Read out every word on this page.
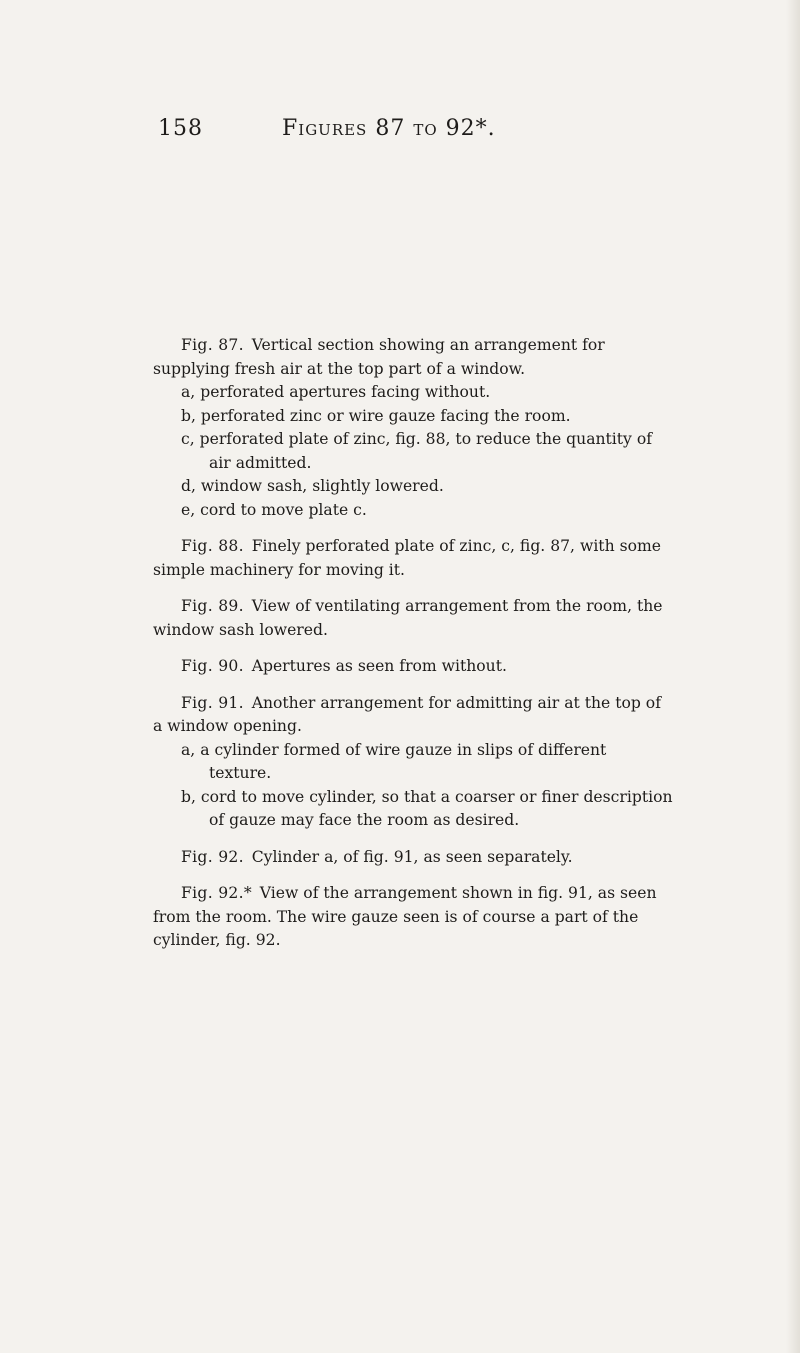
158	Figures 87 to 92*.

Fig. 87.  Vertical section showing an arrangement for supplying fresh air at the top part of a window.

a, perforated apertures facing without.

b, perforated zinc or wire gauze facing the room.

c, perforated plate of zinc, fig. 88, to reduce the quantity of air admitted.

d, window sash, slightly lowered.

e, cord to move plate c.

Fig. 88.  Finely perforated plate of zinc, c, fig. 87, with some simple machinery for moving it.

Fig. 89.  View of ventilating arrangement from the room, the window sash lowered.

Fig. 90.  Apertures as seen from without.

Fig. 91.  Another arrangement for admitting air at the top of a window opening.

a, a cylinder formed of wire gauze in slips of different texture.

b, cord to move cylinder, so that a coarser or finer description of gauze may face the room as desired.

Fig. 92.  Cylinder a, of fig. 91, as seen separately.

Fig. 92.*  View of the arrangement shown in fig. 91, as seen from the room. The wire gauze seen is of course a part of the cylinder, fig. 92.
